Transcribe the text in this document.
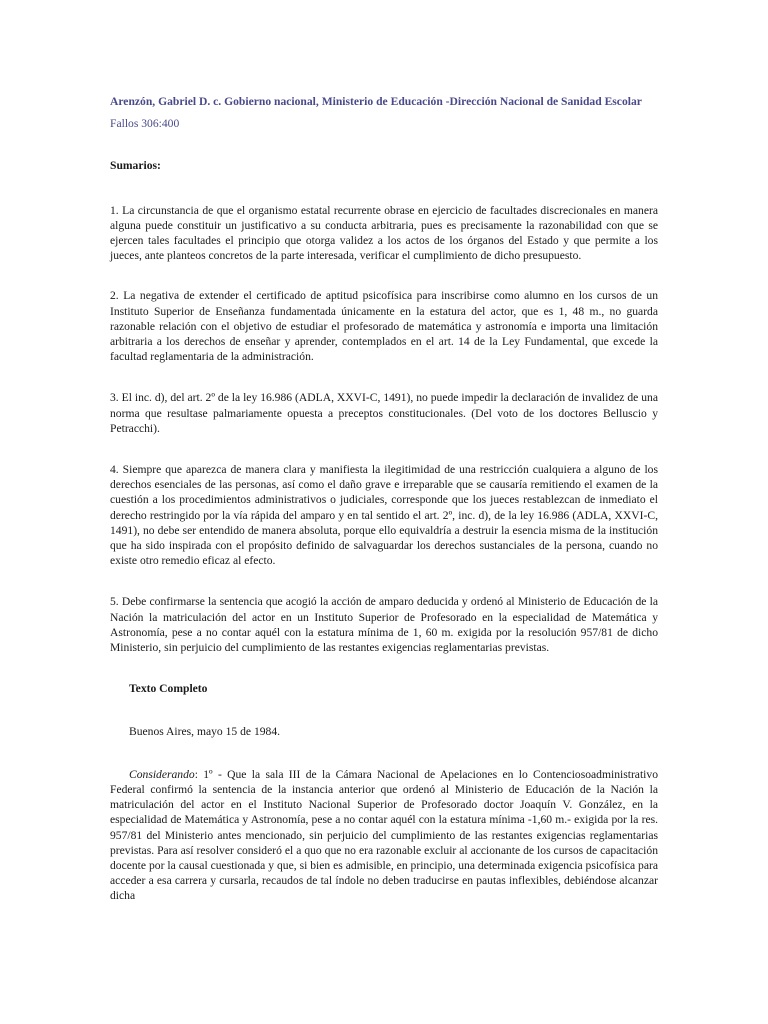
Arenzón, Gabriel D. c. Gobierno nacional, Ministerio de Educación -Dirección Nacional de Sanidad Escolar

Fallos 306:400

Sumarios:

1. La circunstancia de que el organismo estatal recurrente obrase en ejercicio de facultades discrecionales en manera alguna puede constituir un justificativo a su conducta arbitraria, pues es precisamente la razonabilidad con que se ejercen tales facultades el principio que otorga validez a los actos de los órganos del Estado y que permite a los jueces, ante planteos concretos de la parte interesada, verificar el cumplimiento de dicho presupuesto.

2. La negativa de extender el certificado de aptitud psicofísica para inscribirse como alumno en los cursos de un Instituto Superior de Enseñanza fundamentada únicamente en la estatura del actor, que es 1, 48 m., no guarda razonable relación con el objetivo de estudiar el profesorado de matemática y astronomía e importa una limitación arbitraria a los derechos de enseñar y aprender, contemplados en el art. 14 de la Ley Fundamental, que excede la facultad reglamentaria de la administración.

3. El inc. d), del art. 2º de la ley 16.986 (ADLA, XXVI-C, 1491), no puede impedir la declaración de invalidez de una norma que resultase palmariamente opuesta a preceptos constitucionales. (Del voto de los doctores Belluscio y Petracchi).

4. Siempre que aparezca de manera clara y manifiesta la ilegitimidad de una restricción cualquiera a alguno de los derechos esenciales de las personas, así como el daño grave e irreparable que se causaría remitiendo el examen de la cuestión a los procedimientos administrativos o judiciales, corresponde que los jueces restablezcan de inmediato el derecho restringido por la vía rápida del amparo y en tal sentido el art. 2º, inc. d), de la ley 16.986 (ADLA, XXVI-C, 1491), no debe ser entendido de manera absoluta, porque ello equivaldría a destruir la esencia misma de la institución que ha sido inspirada con el propósito definido de salvaguardar los derechos sustanciales de la persona, cuando no existe otro remedio eficaz al efecto.

5. Debe confirmarse la sentencia que acogió la acción de amparo deducida y ordenó al Ministerio de Educación de la Nación la matriculación del actor en un Instituto Superior de Profesorado en la especialidad de Matemática y Astronomía, pese a no contar aquél con la estatura mínima de 1, 60 m. exigida por la resolución 957/81 de dicho Ministerio, sin perjuicio del cumplimiento de las restantes exigencias reglamentarias previstas.

Texto Completo

Buenos Aires, mayo 15 de 1984.

Considerando: 1º - Que la sala III de la Cámara Nacional de Apelaciones en lo Contenciosoadministrativo Federal confirmó la sentencia de la instancia anterior que ordenó al Ministerio de Educación de la Nación la matriculación del actor en el Instituto Nacional Superior de Profesorado doctor Joaquín V. González, en la especialidad de Matemática y Astronomía, pese a no contar aquél con la estatura mínima -1,60 m.- exigida por la res. 957/81 del Ministerio antes mencionado, sin perjuicio del cumplimiento de las restantes exigencias reglamentarias previstas. Para así resolver consideró el a quo que no era razonable excluir al accionante de los cursos de capacitación docente por la causal cuestionada y que, si bien es admisible, en principio, una determinada exigencia psicofísica para acceder a esa carrera y cursarla, recaudos de tal índole no deben traducirse en pautas inflexibles, debiéndose alcanzar dicha
